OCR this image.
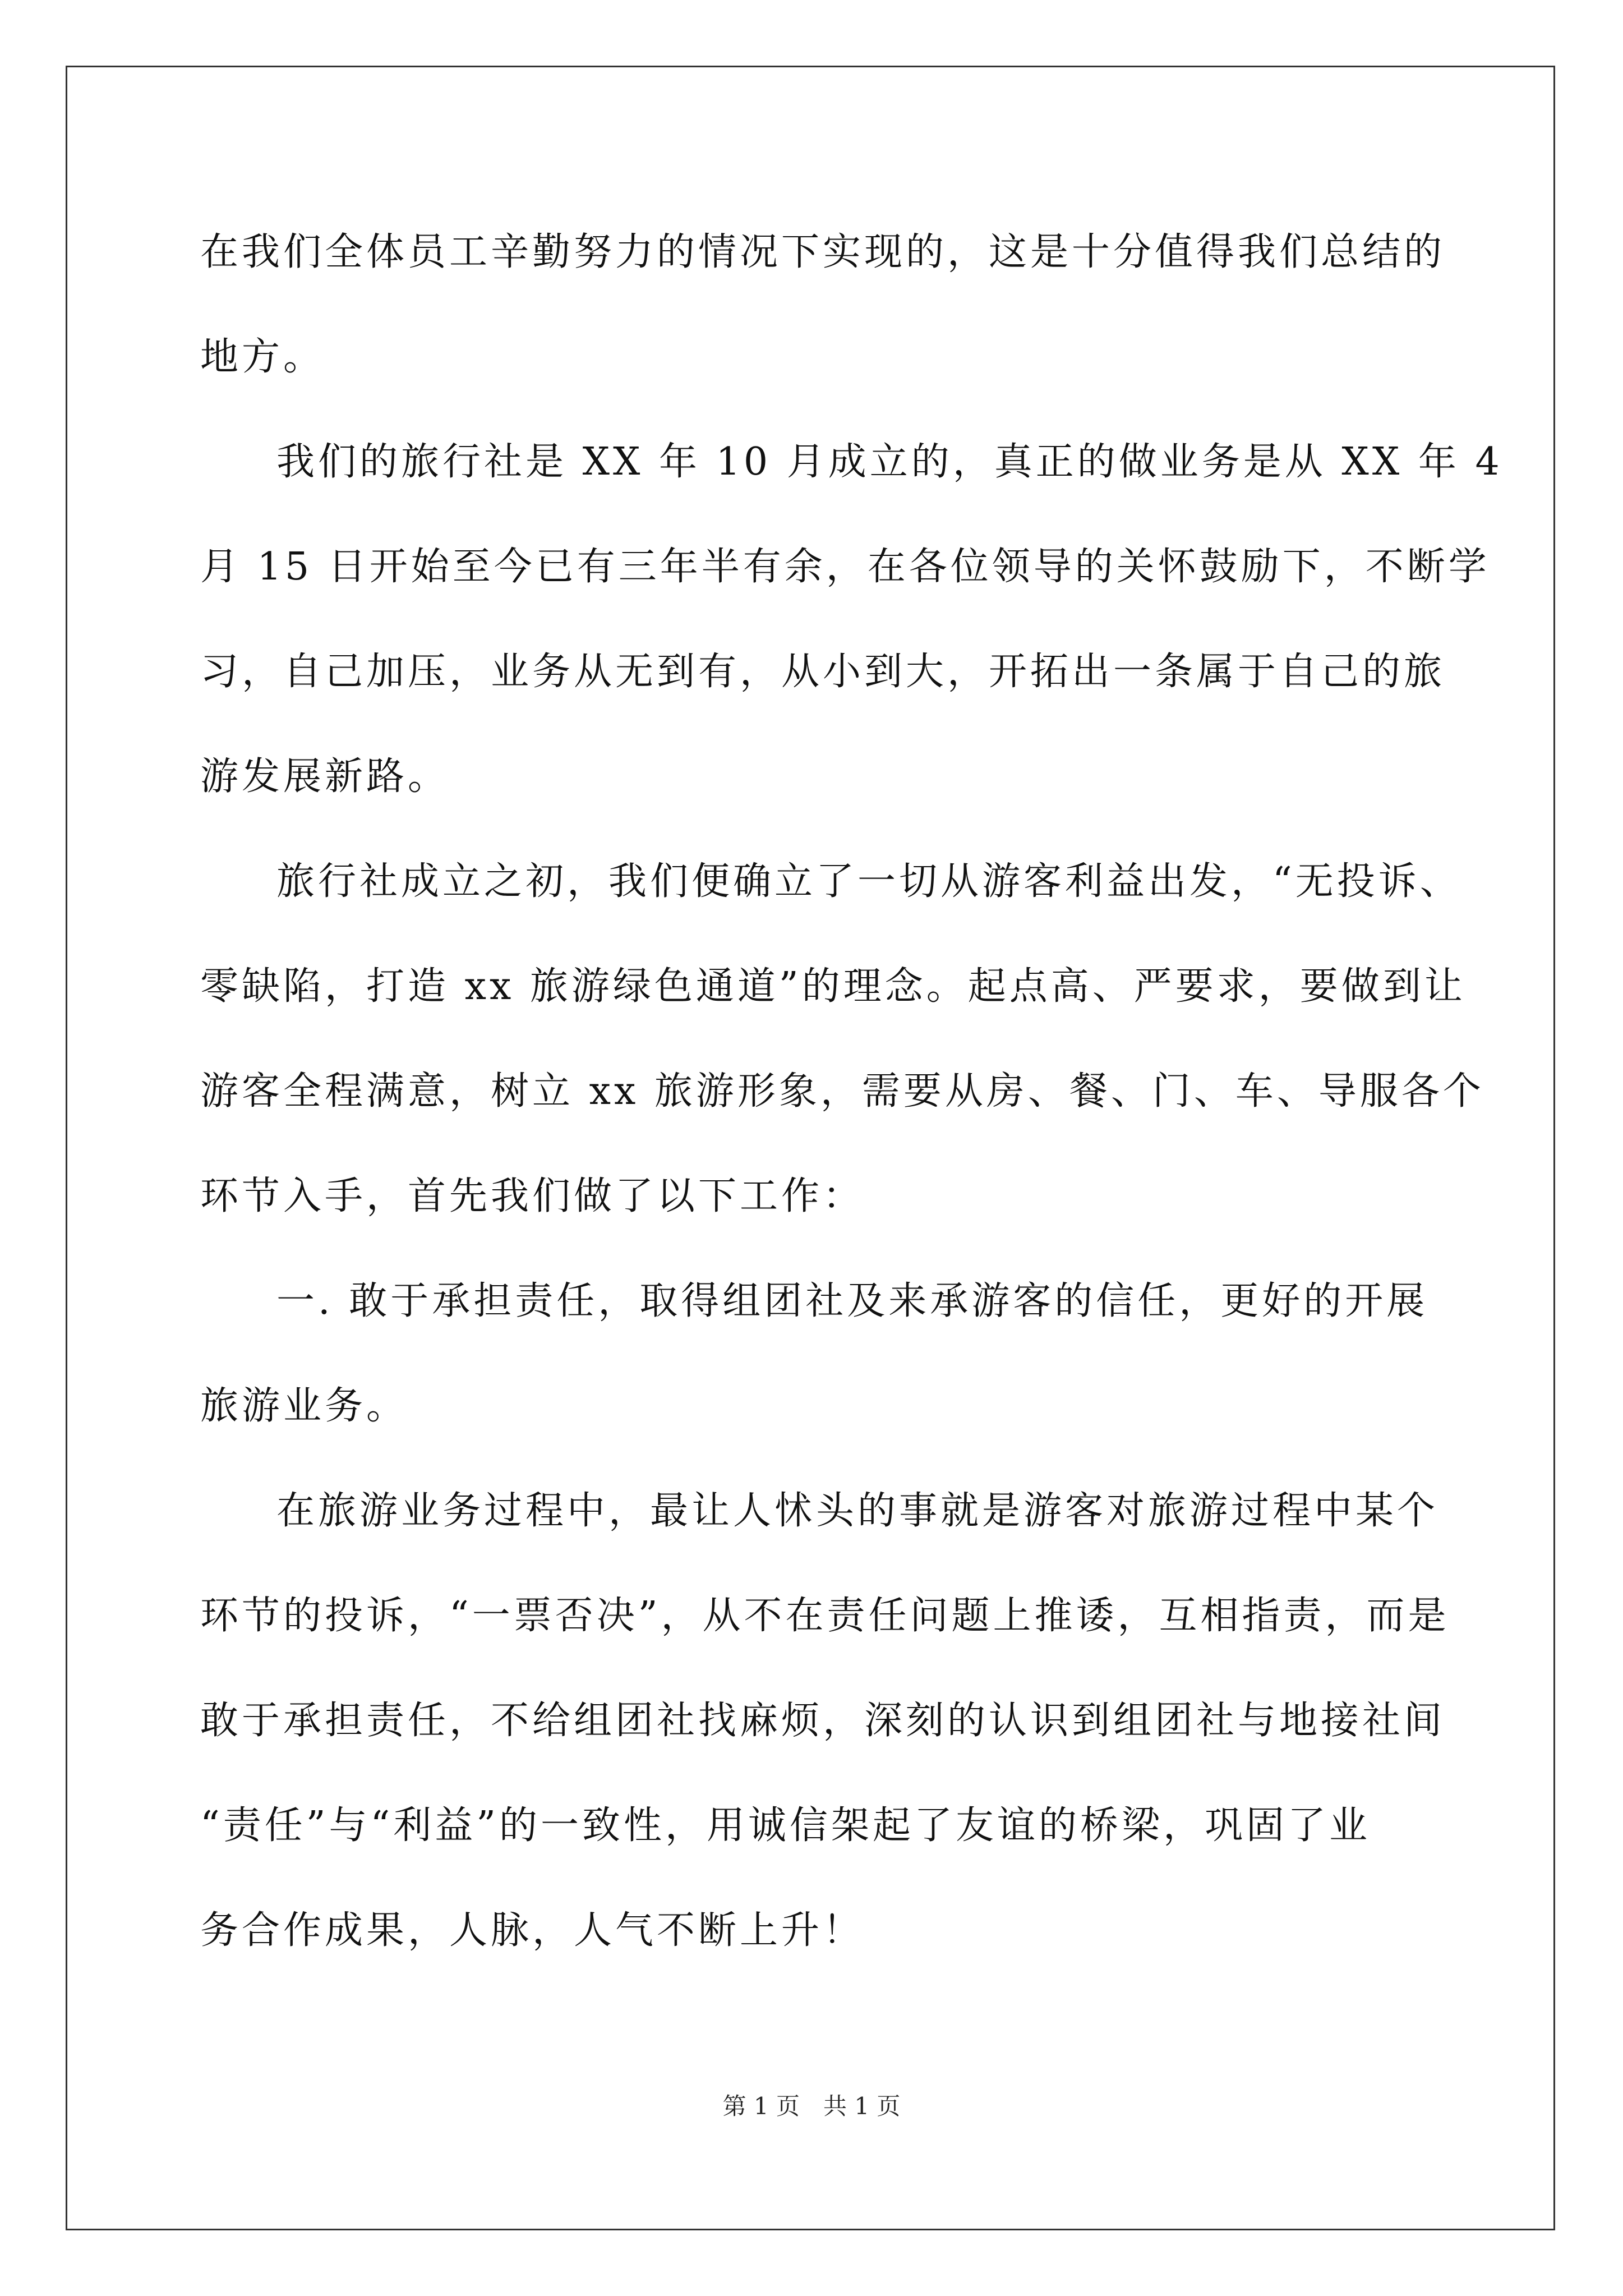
在我们全体员工辛勤努力的情况下实现的，这是十分值得我们总结的
地方。
我们的旅行社是 XX 年 10 月成立的，真正的做业务是从 XX 年 4
月 15 日开始至今已有三年半有余，在各位领导的关怀鼓励下，不断学
习，自己加压，业务从无到有，从小到大，开拓出一条属于自己的旅
游发展新路。
旅行社成立之初，我们便确立了一切从游客利益出发，“无投诉、
零缺陷，打造 xx 旅游绿色通道”的理念。起点高、严要求，要做到让
游客全程满意，树立 xx 旅游形象，需要从房、餐、门、车、导服各个
环节入手，首先我们做了以下工作：
一. 敢于承担责任，取得组团社及来承游客的信任，更好的开展
旅游业务。
在旅游业务过程中，最让人怵头的事就是游客对旅游过程中某个
环节的投诉，“一票否决”，从不在责任问题上推诿，互相指责，而是
敢于承担责任，不给组团社找麻烦，深刻的认识到组团社与地接社间
“责任”与“利益”的一致性，用诚信架起了友谊的桥梁，巩固了业
务合作成果，人脉，人气不断上升！
第 1 页　共 1 页
